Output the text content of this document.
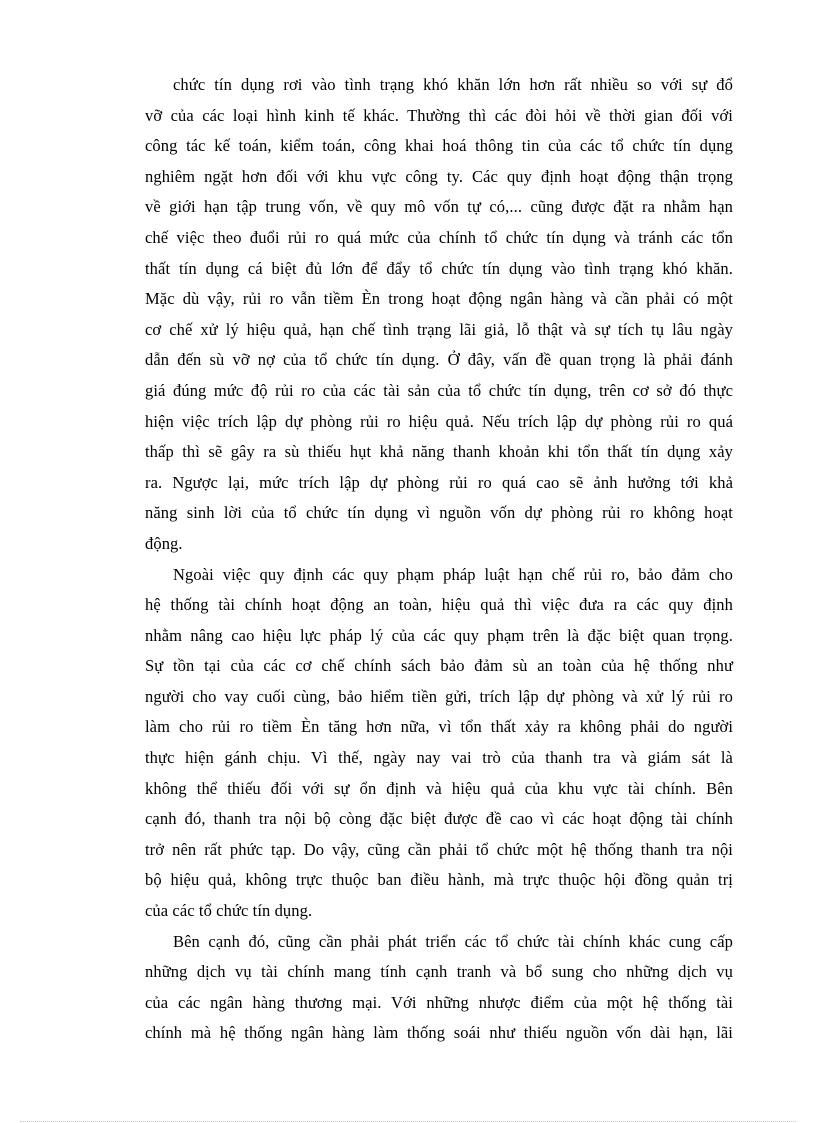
chức tín dụng rơi vào tình trạng khó khăn lớn hơn rất nhiều so với sự đổ
vỡ của các loại hình kinh tế khác. Thường thì các đòi hỏi về thời gian đối với
công tác kế toán, kiểm toán, công khai hoá thông tin của các tổ chức tín dụng
nghiêm ngặt hơn đối với khu vực công ty. Các quy định hoạt động thận trọng
về giới hạn tập trung vốn, về quy mô vốn tự có,... cũng được đặt ra nhằm hạn
chế việc theo đuổi rủi ro quá mức của chính tổ chức tín dụng và tránh các tổn
thất tín dụng cá biệt đủ lớn để đẩy tổ chức tín dụng vào tình trạng khó khăn.
Mặc dù vậy, rủi ro vẫn tiềm Èn trong hoạt động ngân hàng và cần phải có một
cơ chế xử lý hiệu quả, hạn chế tình trạng lãi giả, lỗ thật và sự tích tụ lâu ngày
dẫn đến sù vỡ nợ của tổ chức tín dụng. Ở đây, vấn đề quan trọng là phải đánh
giá đúng mức độ rủi ro của các tài sản của tổ chức tín dụng, trên cơ sở đó thực
hiện việc trích lập dự phòng rủi ro hiệu quả. Nếu trích lập dự phòng rủi ro quá
thấp thì sẽ gây ra sù thiếu hụt khả năng thanh khoản khi tổn thất tín dụng xảy
ra. Ngược lại, mức trích lập dự phòng rủi ro quá cao sẽ ảnh hưởng tới khả
năng sinh lời của tổ chức tín dụng vì nguồn vốn dự phòng rủi ro không hoạt
động.
Ngoài việc quy định các quy phạm pháp luật hạn chế rủi ro, bảo đảm cho
hệ thống tài chính hoạt động an toàn, hiệu quả thì việc đưa ra các quy định
nhằm nâng cao hiệu lực pháp lý của các quy phạm trên là đặc biệt quan trọng.
Sự tồn tại của các cơ chế chính sách bảo đảm sù an toàn của hệ thống như
người cho vay cuối cùng, bảo hiểm tiền gửi, trích lập dự phòng và xử lý rủi ro
làm cho rủi ro tiềm Èn tăng hơn nữa, vì tổn thất xảy ra không phải do người
thực hiện gánh chịu. Vì thế, ngày nay vai trò của thanh tra và giám sát là
không thể thiếu đối với sự ổn định và hiệu quả của khu vực tài chính. Bên
cạnh đó, thanh tra nội bộ còng đặc biệt được đề cao vì các hoạt động tài chính
trở nên rất phức tạp. Do vậy, cũng cần phải tổ chức một hệ thống thanh tra nội
bộ hiệu quả, không trực thuộc ban điều hành, mà trực thuộc hội đồng quản trị
của các tổ chức tín dụng.
Bên cạnh đó, cũng cần phải phát triển các tổ chức tài chính khác cung cấp
những dịch vụ tài chính mang tính cạnh tranh và bổ sung cho những dịch vụ
của các ngân hàng thương mại. Với những nhược điểm của một hệ thống tài
chính mà hệ thống ngân hàng làm thống soái như thiếu nguồn vốn dài hạn, lãi
